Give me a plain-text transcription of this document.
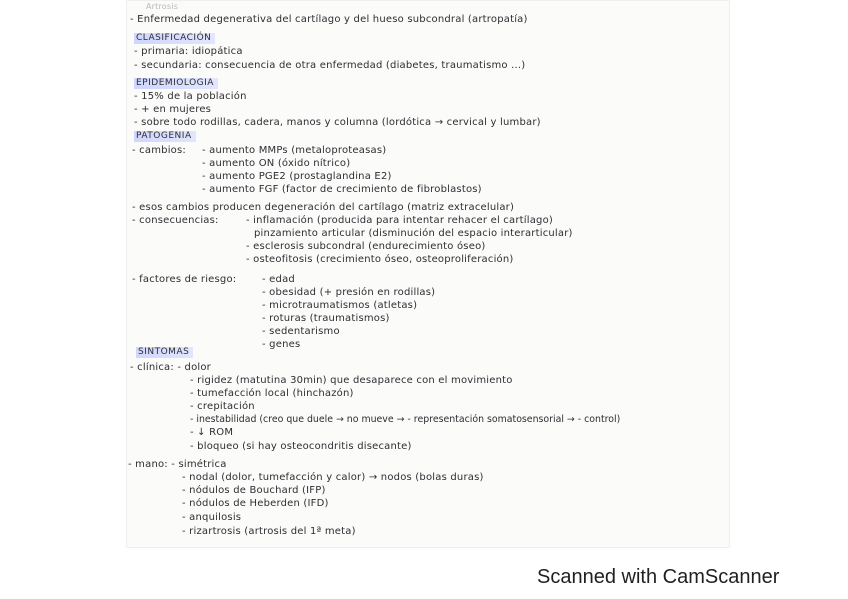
Artrosis
- Enfermedad degenerativa del cartílago y del hueso subcondral (artropatía)
CLASIFICACIÓN
- primaria: idiopática
- secundaria: consecuencia de otra enfermedad (diabetes, traumatismo ...)
EPIDEMIOLOGIA
- 15% de la población
- + en mujeres
- sobre todo rodillas, cadera, manos y columna (lordótica → cervical y lumbar)
PATOGENIA
- cambios: - aumento MMPs (metaloproteasas)
- aumento ON (óxido nítrico)
- aumento PGE2 (prostaglandina E2)
- aumento FGF (factor de crecimiento de fibroblastos)
- esos cambios producen degeneración del cartílago (matriz extracelular)
- consecuencias:	- inflamación (producida para intentar rehacer el cartílago)
pinzamiento articular (disminución del espacio interarticular)
- esclerosis subcondral (endurecimiento óseo)
- osteofitosis (crecimiento óseo, osteoproliferación)
- factores de riesgo:	- edad
- obesidad (+ presión en rodillas)
- microtraumatismos (atletas)
- roturas (traumatismos)
- sedentarismo
- genes
SINTOMAS
- clínica: - dolor
- rigidez (matutina 30min) que desaparece con el movimiento
- tumefacción local (hinchazón)
- crepitación
- inestabilidad (creo que duele → no mueve → - representación somatosensorial → - control)
- ↓ ROM
- bloqueo (si hay osteocondritis disecante)
- mano: - simétrica
- nodal (dolor, tumefacción y calor) → nodos (bolas duras)
- nódulos de Bouchard (IFP)
- nódulos de Heberden (IFD)
- anquilosis
- rizartrosis (artrosis del 1ª meta)
Scanned with CamScanner
